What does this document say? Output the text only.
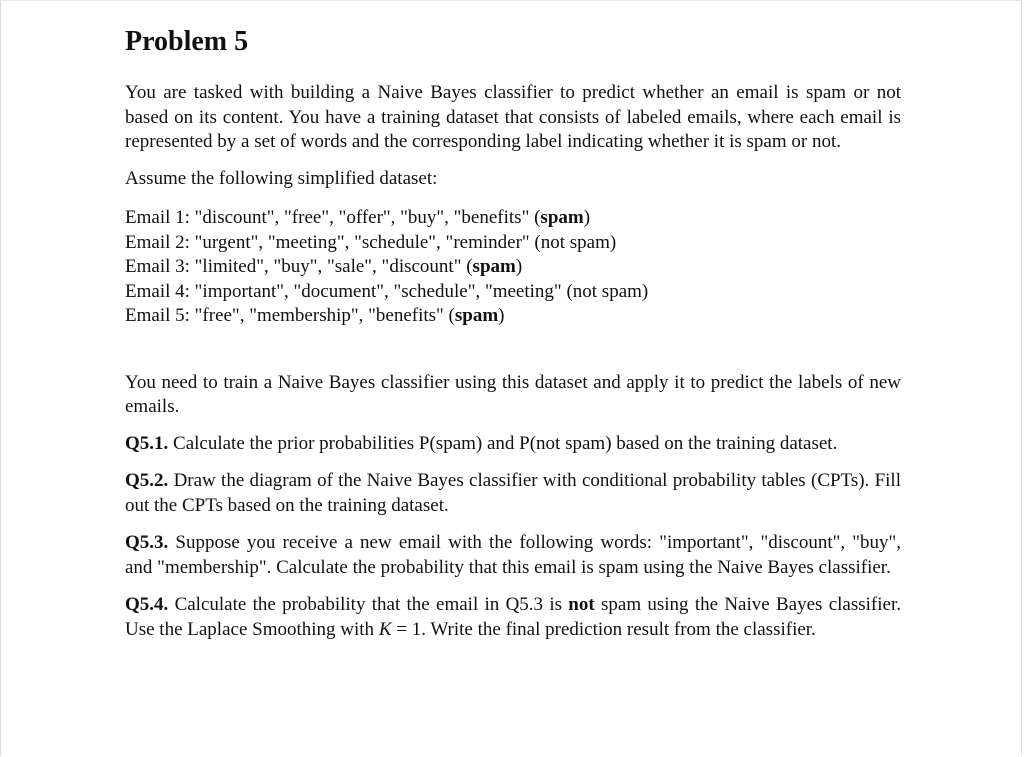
Problem 5

You are tasked with building a Naive Bayes classifier to predict whether an email is spam or not based on its content. You have a training dataset that consists of labeled emails, where each email is represented by a set of words and the corresponding label indicating whether it is spam or not.

Assume the following simplified dataset:

Email 1: "discount", "free", "offer", "buy", "benefits" (spam)
Email 2: "urgent", "meeting", "schedule", "reminder" (not spam)
Email 3: "limited", "buy", "sale", "discount" (spam)
Email 4: "important", "document", "schedule", "meeting" (not spam)
Email 5: "free", "membership", "benefits" (spam)

You need to train a Naive Bayes classifier using this dataset and apply it to predict the labels of new emails.

Q5.1. Calculate the prior probabilities P(spam) and P(not spam) based on the training dataset.

Q5.2. Draw the diagram of the Naive Bayes classifier with conditional probability tables (CPTs). Fill out the CPTs based on the training dataset.

Q5.3. Suppose you receive a new email with the following words: "important", "discount", "buy", and "membership". Calculate the probability that this email is spam using the Naive Bayes classifier.

Q5.4. Calculate the probability that the email in Q5.3 is not spam using the Naive Bayes classifier. Use the Laplace Smoothing with K = 1. Write the final prediction result from the classifier.
